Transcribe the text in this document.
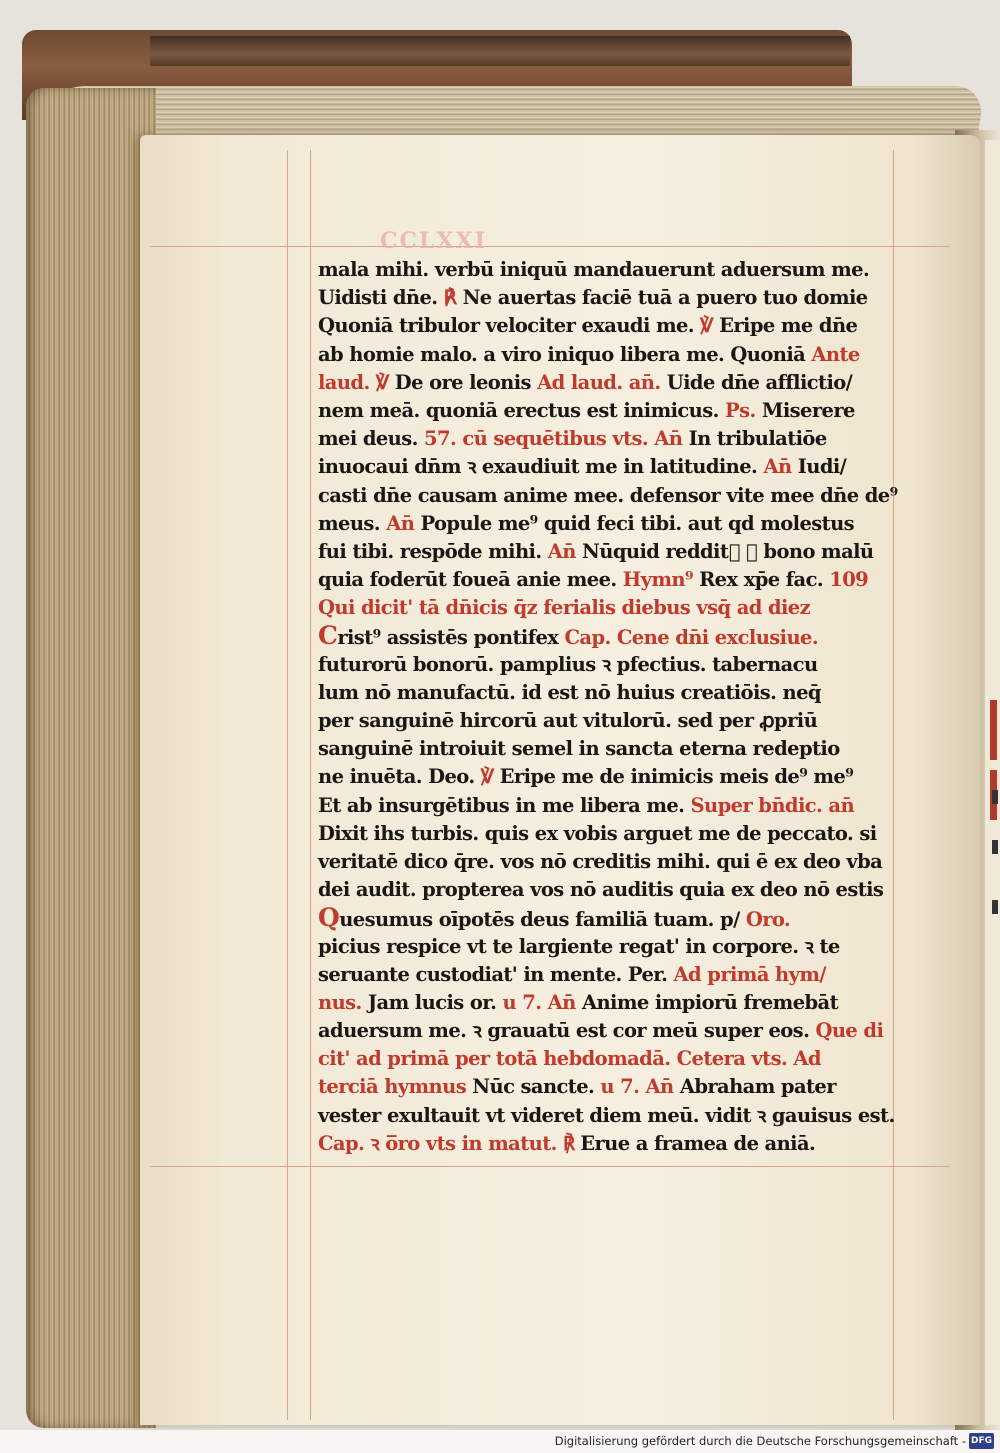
CCLXXI
mala mihi. verbū iniquū mandauerunt aduersum me.
Uidisti dn̄e. ℟ Ne auertas faciē tuā a puero tuo domie
Quoniā tribulor velociter exaudi me. ℣ Eripe me dn̄e
ab homie malo. a viro iniquo libera me. Quoniā Ante
laud. ℣ De ore leonis Ad laud. an̄. Uide dn̄e afflictio/
nem meā. quoniā erectus est inimicus. Ps. Miserere
mei deus. 57. cū sequētibus vts. An̄ In tribulatiōe
inuocaui dn̄m ꝛ exaudiuit me in latitudine. An̄ Iudi/
casti dn̄e causam anime mee. defensor vite mee dn̄e de⁹
meus. An̄ Popule me⁹ quid feci tibi. aut qd molestus
fui tibi. respōde mihi. An̄ Nūquid reddit᷑ ꝓ bono malū
quia foderūt foueā anie mee. Hymn⁹ Rex xp̄e fac. 109
Qui dicit' tā dn̄icis q̄z ferialis diebus vsq̄ ad diez
Crist⁹ assistēs pontifex Cap. Cene dn̄i exclusiue.
futurorū bonorū. pamplius ꝛ pfectius. tabernacu
lum nō manufactū. id est nō huius creatiōis. neq̄
per sanguinē hircorū aut vitulorū. sed per ꝓpriū
sanguinē introiuit semel in sancta eterna redeptio
ne inuēta. Deo. ℣ Eripe me de inimicis meis de⁹ me⁹
Et ab insurgētibus in me libera me. Super bn̄dic. an̄
Dixit ihs turbis. quis ex vobis arguet me de peccato. si
veritatē dico q̄re. vos nō creditis mihi. qui ē ex deo vba
dei audit. propterea vos nō auditis quia ex deo nō estis
Quesumus oīpotēs deus familiā tuam. p/ Oro.
picius respice vt te largiente regat' in corpore. ꝛ te
seruante custodiat' in mente. Per. Ad primā hym/
nus. Jam lucis or. u 7. An̄ Anime impiorū fremebāt
aduersum me. ꝛ grauatū est cor meū super eos. Que di
cit' ad primā per totā hebdomadā. Cetera vts. Ad
terciā hymnus Nūc sancte. u 7. An̄ Abraham pater
vester exultauit vt videret diem meū. vidit ꝛ gauisus est.
Cap. ꝛ o̅ro vts in matut. ℟ Erue a framea de aniā.
Digitalisierung gefördert durch die Deutsche Forschungsgemeinschaft - DFG
